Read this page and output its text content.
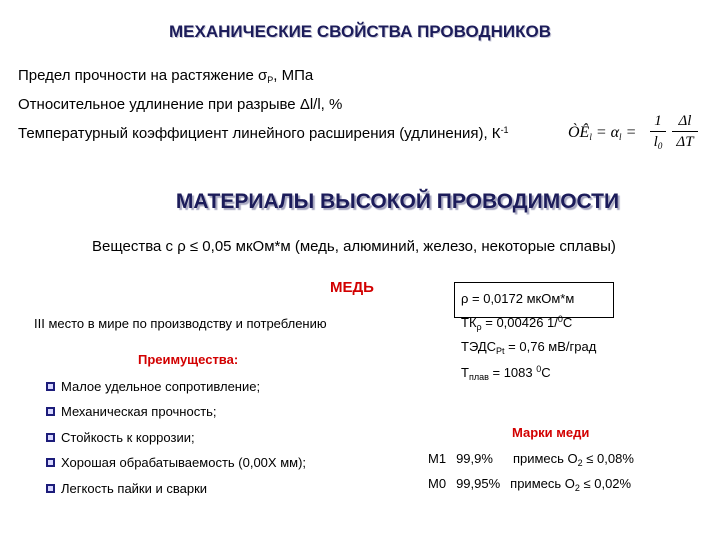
МЕХАНИЧЕСКИЕ СВОЙСТВА ПРОВОДНИКОВ
Предел прочности на растяжение $\sigma_Р$, МПа
Относительное удлинение при разрыве Δl/l, %
Температурный коэффициент линейного расширения (удлинения), $К^{-1}$	$ÒÊ_l = \alpha_l$ =
1
$l_0$
Δl
ΔT
МАТЕРИАЛЫ ВЫСОКОЙ ПРОВОДИМОСТИ
Вещества с ρ ≤ 0,05 мкОм*м (медь, алюминий, железо, некоторые сплавы)
МЕДЬ
III место в мире по производству и потреблению
ρ = 0,0172 мкОм*м
$ТК_\rho = 0,00426$ 1/$^0$С
$ТЭДС_{Pt} = 0,76$ мВ/град
$Т_{плав} = 1083$ $^0$С
Преимущества:
Малое удельное сопротивление;
Механическая прочность;
Стойкость к коррозии;
Хорошая обрабатываемость (0,00Х мм);
Легкость пайки и сварки
Марки меди
М1 99,9% примесь $О_2 \le 0,08\%$
М0 99,95% примесь $О_2 \le 0,02\%$
